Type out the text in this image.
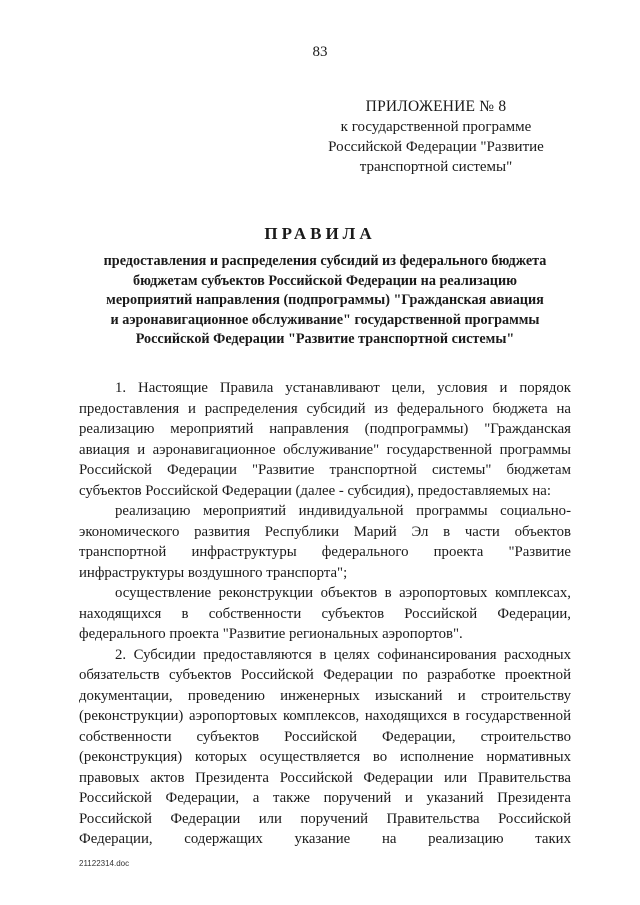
83
ПРИЛОЖЕНИЕ № 8
к государственной программе
Российской Федерации "Развитие
транспортной системы"
ПРАВИЛА
предоставления и распределения субсидий из федерального бюджета
бюджетам субъектов Российской Федерации на реализацию
мероприятий направления (подпрограммы) "Гражданская авиация
и аэронавигационное обслуживание" государственной программы
Российской Федерации "Развитие транспортной системы"

1. Настоящие Правила устанавливают цели, условия и порядок предоставления и распределения субсидий из федерального бюджета на реализацию мероприятий направления (подпрограммы) "Гражданская авиация и аэронавигационное обслуживание" государственной программы Российской Федерации "Развитие транспортной системы" бюджетам субъектов Российской Федерации (далее - субсидия), предоставляемых на:

реализацию мероприятий индивидуальной программы социально-экономического развития Республики Марий Эл в части объектов транспортной инфраструктуры федерального проекта "Развитие инфраструктуры воздушного транспорта";

осуществление реконструкции объектов в аэропортовых комплексах, находящихся в собственности субъектов Российской Федерации, федерального проекта "Развитие региональных аэропортов".

2. Субсидии предоставляются в целях софинансирования расходных обязательств субъектов Российской Федерации по разработке проектной документации, проведению инженерных изысканий и строительству (реконструкции) аэропортовых комплексов, находящихся в государственной собственности субъектов Российской Федерации, строительство (реконструкция) которых осуществляется во исполнение нормативных правовых актов Президента Российской Федерации или Правительства Российской Федерации, а также поручений и указаний Президента Российской Федерации или поручений Правительства Российской Федерации, содержащих указание на реализацию таких

21122314.doc
